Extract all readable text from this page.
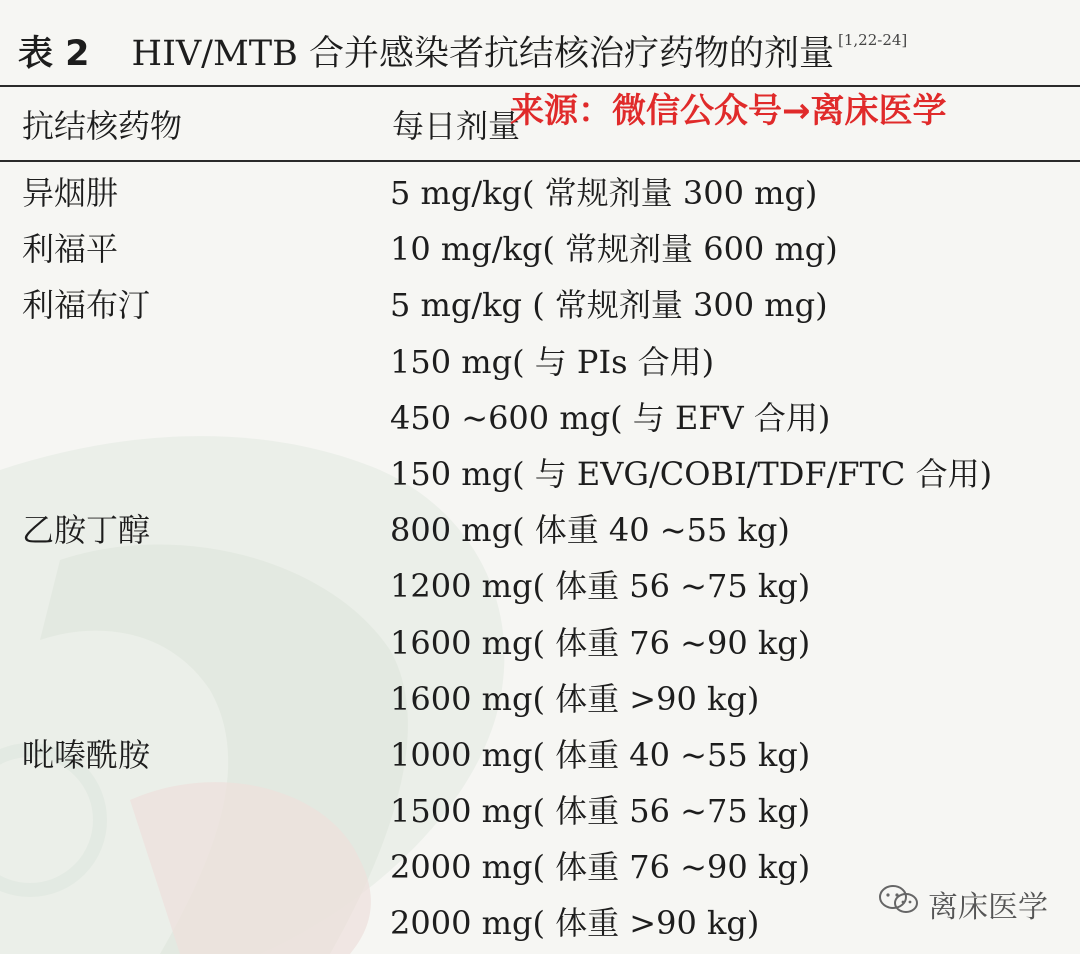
表 2 HIV/MTB 合并感染者抗结核治疗药物的剂量 [1,22-24]
抗结核药物	每日剂量
来源：微信公众号→离床医学
异烟肼	5 mg/kg( 常规剂量 300 mg)
利福平	10 mg/kg( 常规剂量 600 mg)
利福布汀	5 mg/kg ( 常规剂量 300 mg)
150 mg( 与 PIs 合用)
450 ~600 mg( 与 EFV 合用)
150 mg( 与 EVG/COBI/TDF/FTC 合用)
乙胺丁醇	800 mg( 体重 40 ~55 kg)
1200 mg( 体重 56 ~75 kg)
1600 mg( 体重 76 ~90 kg)
1600 mg( 体重 >90 kg)
吡嗪酰胺	1000 mg( 体重 40 ~55 kg)
1500 mg( 体重 56 ~75 kg)
2000 mg( 体重 76 ~90 kg)
2000 mg( 体重 >90 kg)	离床医学
